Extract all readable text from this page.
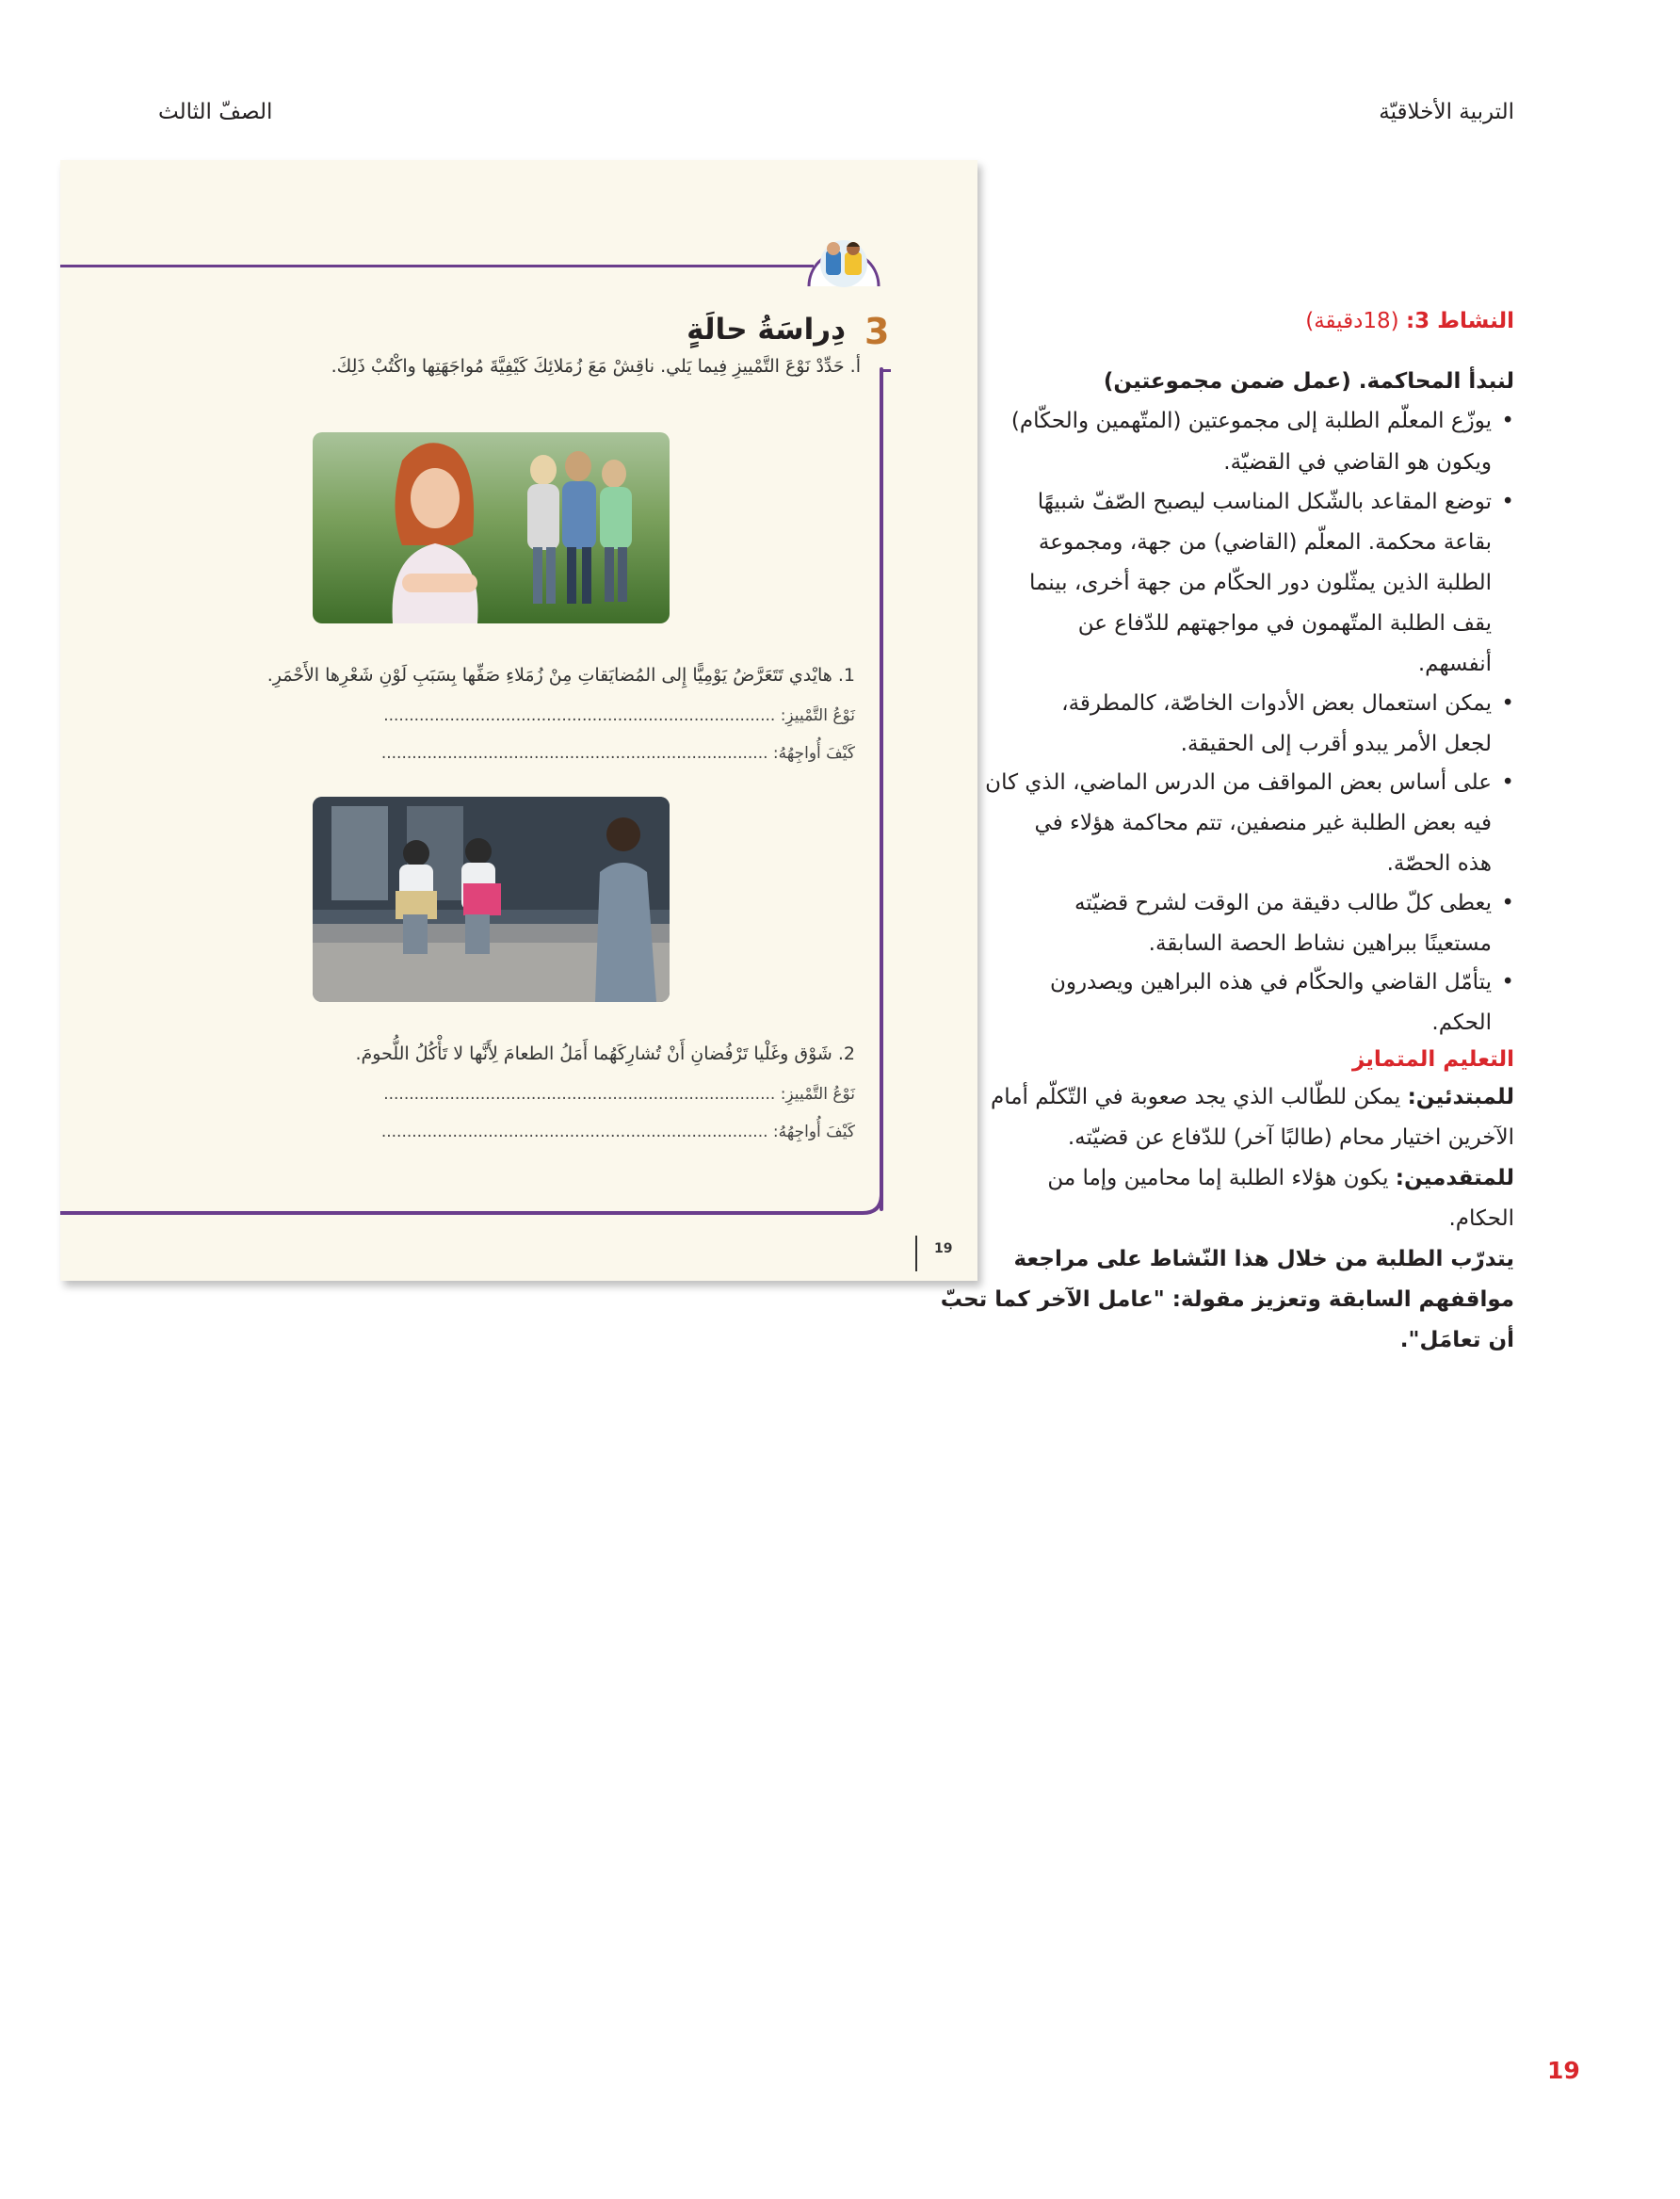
التربية الأخلاقيّة
الصفّ الثالث
3
دِراسَةُ حالَةٍ
أ. حَدِّدْ نَوْعَ التَّمْييزِ فِيما يَلي. ناقِشْ مَعَ زُمَلائِكَ كَيْفِيَّةَ مُواجَهَتِها واكْتُبْ ذَلِكَ.
1. هايْدي تَتَعَرَّضُ يَوْمِيًّا إِلى المُضايَقاتِ مِنْ زُمَلاءِ صَفِّها بِسَبَبِ لَوْنِ شَعْرِها الأَحْمَرِ.
نَوْعُ التَّمْييزِ: .............................................................................
كَيْفَ أُواجِهُهُ: ............................................................................
2. شَوْق وغَلْيا تَرْفُضانِ أَنْ تُشارِكَهُما أَمَلُ الطعامَ لِأَنَّها لا تَأْكُلُ اللُّحومَ.
نَوْعُ التَّمْييزِ: .............................................................................
كَيْفَ أُواجِهُهُ: ............................................................................
19
النشاط 3: (18دقيقة)
لنبدأ المحاكمة. (عمل ضمن مجموعتين)
•
يوزّع المعلّم الطلبة إلى مجموعتين (المتّهمين والحكّام)
ويكون هو القاضي في القضيّة.
•
توضع المقاعد بالشّكل المناسب ليصبح الصّفّ شبيهًا
بقاعة محكمة. المعلّم (القاضي) من جهة، ومجموعة
الطلبة الذين يمثّلون دور الحكّام من جهة أخرى، بينما
يقف الطلبة المتّهمون في مواجهتهم للدّفاع عن
أنفسهم.
•
يمكن استعمال بعض الأدوات الخاصّة، كالمطرقة،
لجعل الأمر يبدو أقرب إلى الحقيقة.
•
على أساس بعض المواقف من الدرس الماضي، الذي كان
فيه بعض الطلبة غير منصفين، تتم محاكمة هؤلاء في
هذه الحصّة.
•
يعطى كلّ طالب دقيقة من الوقت لشرح قضيّته
مستعينًا ببراهين نشاط الحصة السابقة.
•
يتأمّل القاضي والحكّام في هذه البراهين ويصدرون
الحكم.
التعليم المتمايز
للمبتدئين: يمكن للطّالب الذي يجد صعوبة في التّكلّم أمام
الآخرين اختيار محام (طالبًا آخر) للدّفاع عن قضيّته.
للمتقدمين: يكون هؤلاء الطلبة إما محامين وإما من
الحكام.
يتدرّب الطلبة من خلال هذا النّشاط على مراجعة
مواقفهم السابقة وتعزيز مقولة: "عامل الآخر كما تحبّ
أن تعامَل".
19
